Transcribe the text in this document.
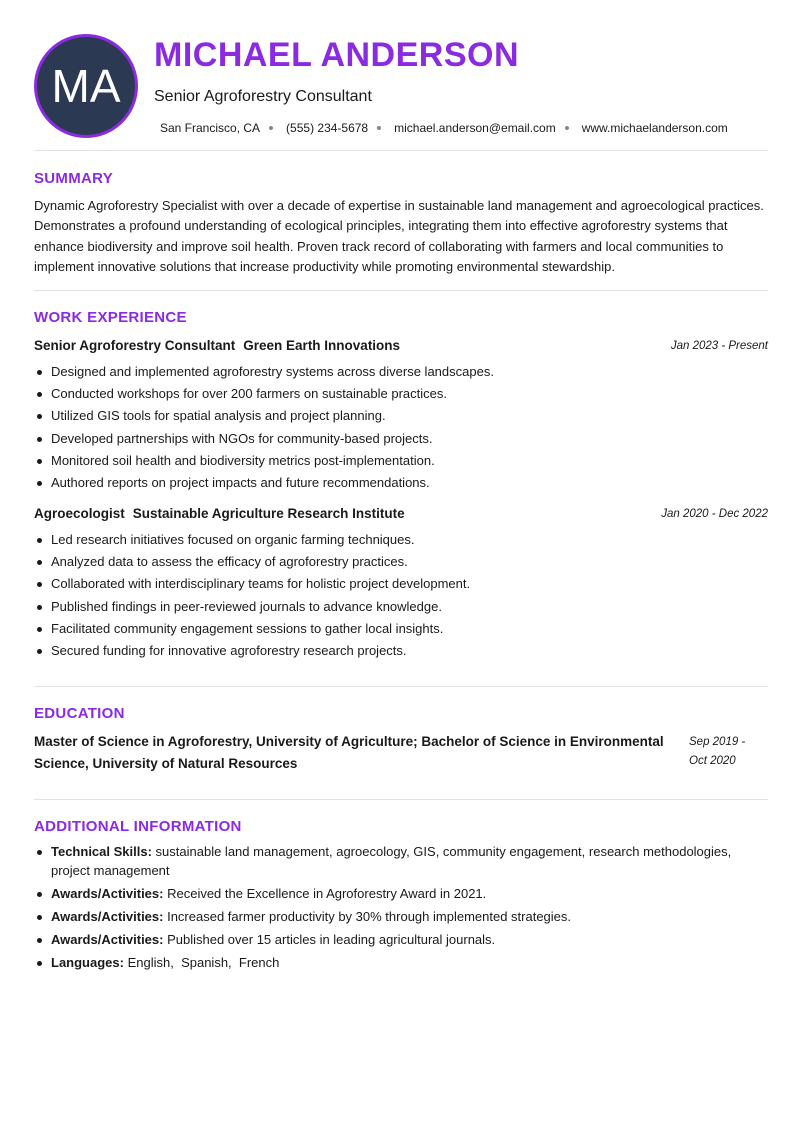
MA
MICHAEL ANDERSON
Senior Agroforestry Consultant
San Francisco, CA (555) 234-5678 michael.anderson@email.com www.michaelanderson.com
SUMMARY
Dynamic Agroforestry Specialist with over a decade of expertise in sustainable land management and agroecological practices. Demonstrates a profound understanding of ecological principles, integrating them into effective agroforestry systems that enhance biodiversity and improve soil health. Proven track record of collaborating with farmers and local communities to implement innovative solutions that increase productivity while promoting environmental stewardship.
WORK EXPERIENCE
Senior Agroforestry Consultant Green Earth Innovations	Jan 2023 - Present
Designed and implemented agroforestry systems across diverse landscapes.
Conducted workshops for over 200 farmers on sustainable practices.
Utilized GIS tools for spatial analysis and project planning.
Developed partnerships with NGOs for community-based projects.
Monitored soil health and biodiversity metrics post-implementation.
Authored reports on project impacts and future recommendations.
Agroecologist Sustainable Agriculture Research Institute	Jan 2020 - Dec 2022
Led research initiatives focused on organic farming techniques.
Analyzed data to assess the efficacy of agroforestry practices.
Collaborated with interdisciplinary teams for holistic project development.
Published findings in peer-reviewed journals to advance knowledge.
Facilitated community engagement sessions to gather local insights.
Secured funding for innovative agroforestry research projects.
EDUCATION
Master of Science in Agroforestry, University of Agriculture; Bachelor of Science in Environmental Science, University of Natural Resources
Sep 2019 - Oct 2020
ADDITIONAL INFORMATION
Technical Skills: sustainable land management, agroecology, GIS, community engagement, research methodologies, project management
Awards/Activities: Received the Excellence in Agroforestry Award in 2021.
Awards/Activities: Increased farmer productivity by 30% through implemented strategies.
Awards/Activities: Published over 15 articles in leading agricultural journals.
Languages: English,  Spanish,  French
